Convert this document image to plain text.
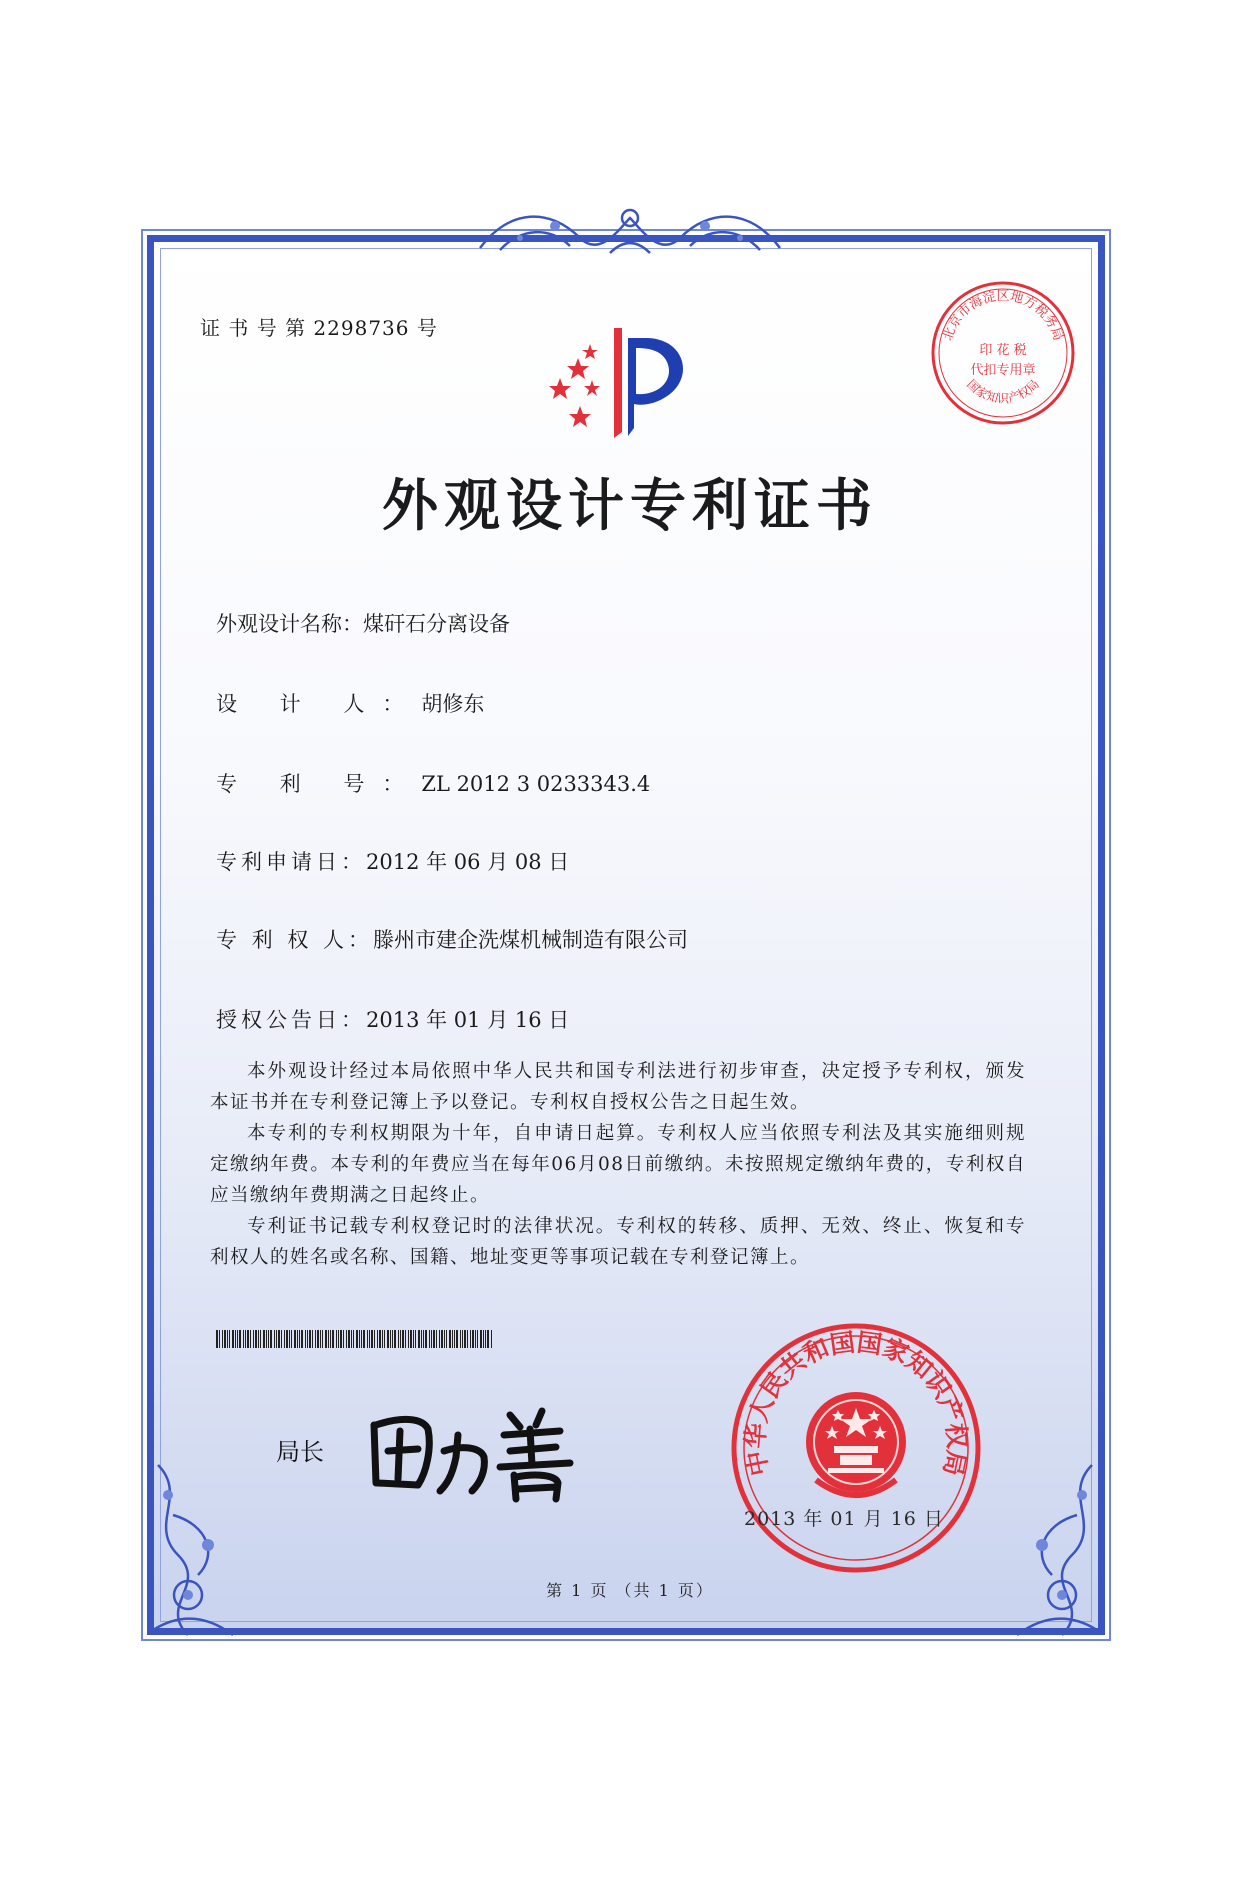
证 书 号 第 2298736 号	北京市海淀区地方税务局
印 花 税
代扣专用章
国家知识产权局
外观设计专利证书
外观设计名称：煤矸石分离设备
设 计 人：胡修东
专 利 号：ZL 2012 3 0233343.4
专利申请日：2012 年 06 月 08 日
专 利 权 人：滕州市建企洗煤机械制造有限公司
授权公告日：2013 年 01 月 16 日

本外观设计经过本局依照中华人民共和国专利法进行初步审查，决定授予专利权，颁发本证书并在专利登记簿上予以登记。专利权自授权公告之日起生效。

本专利的专利权期限为十年，自申请日起算。专利权人应当依照专利法及其实施细则规定缴纳年费。本专利的年费应当在每年06月08日前缴纳。未按照规定缴纳年费的，专利权自应当缴纳年费期满之日起终止。

专利证书记载专利权登记时的法律状况。专利权的转移、质押、无效、终止、恢复和专利权人的姓名或名称、国籍、地址变更等事项记载在专利登记簿上。

局长	中华人民共和国国家知识产权局
2013 年 01 月 16 日
第 1 页 （共 1 页）
